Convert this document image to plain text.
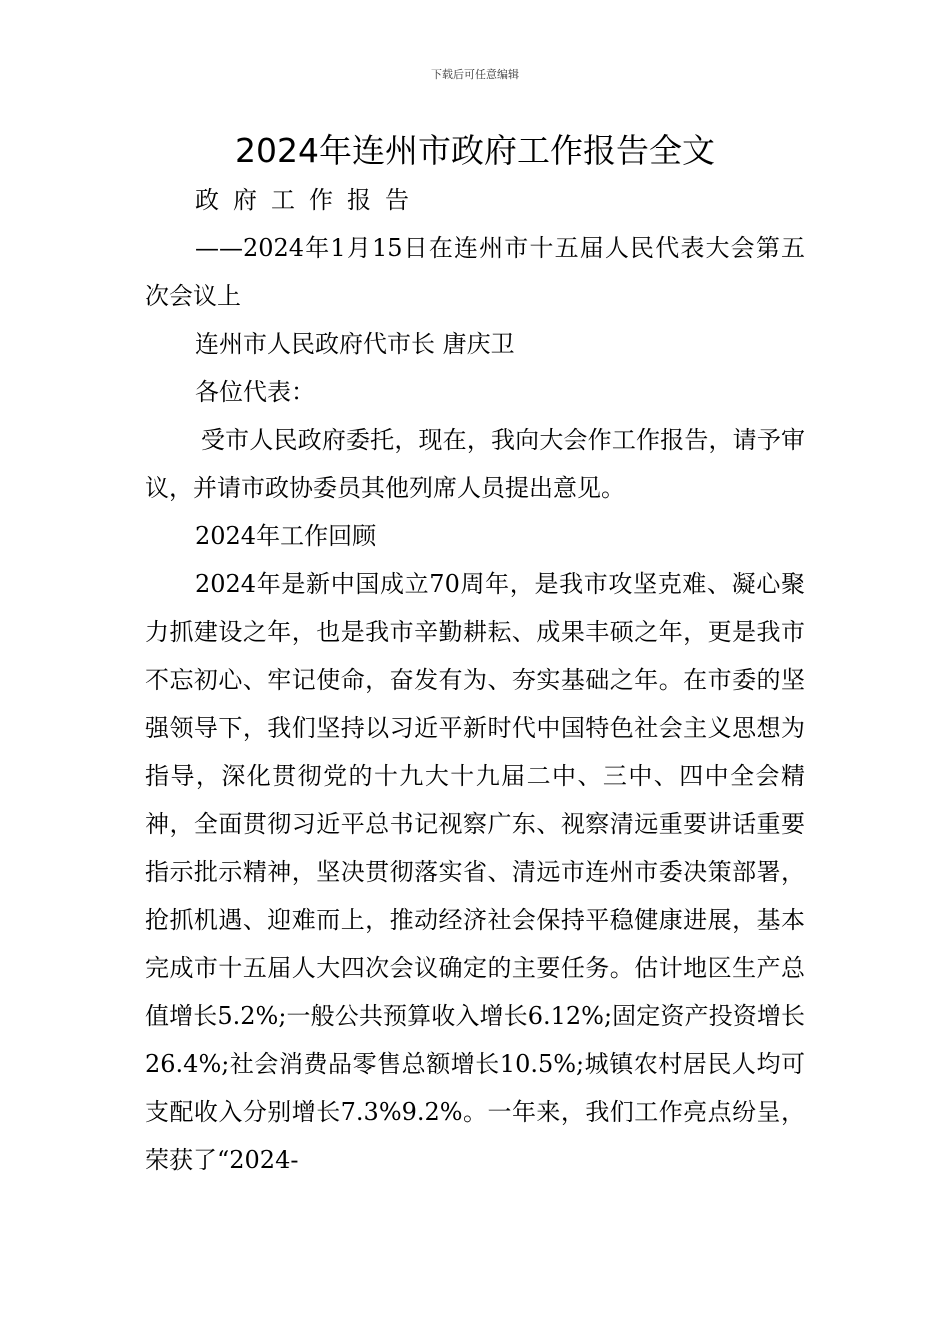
下载后可任意编辑
2024年连州市政府工作报告全文

政府工作报告

——2024年1月15日在连州市十五届人民代表大会第五次会议上

连州市人民政府代市长 唐庆卫

各位代表：

受市人民政府委托，现在，我向大会作工作报告，请予审议，并请市政协委员其他列席人员提出意见。

2024年工作回顾

2024年是新中国成立70周年，是我市攻坚克难、凝心聚力抓建设之年，也是我市辛勤耕耘、成果丰硕之年，更是我市不忘初心、牢记使命，奋发有为、夯实基础之年。在市委的坚强领导下，我们坚持以习近平新时代中国特色社会主义思想为指导，深化贯彻党的十九大十九届二中、三中、四中全会精神，全面贯彻习近平总书记视察广东、视察清远重要讲话重要指示批示精神，坚决贯彻落实省、清远市连州市委决策部署，抢抓机遇、迎难而上，推动经济社会保持平稳健康进展，基本完成市十五届人大四次会议确定的主要任务。估计地区生产总值增长5.2%;一般公共预算收入增长6.12%;固定资产投资增长26.4%;社会消费品零售总额增长10.5%;城镇农村居民人均可支配收入分别增长7.3%9.2%。一年来，我们工作亮点纷呈，荣获了“2024-
